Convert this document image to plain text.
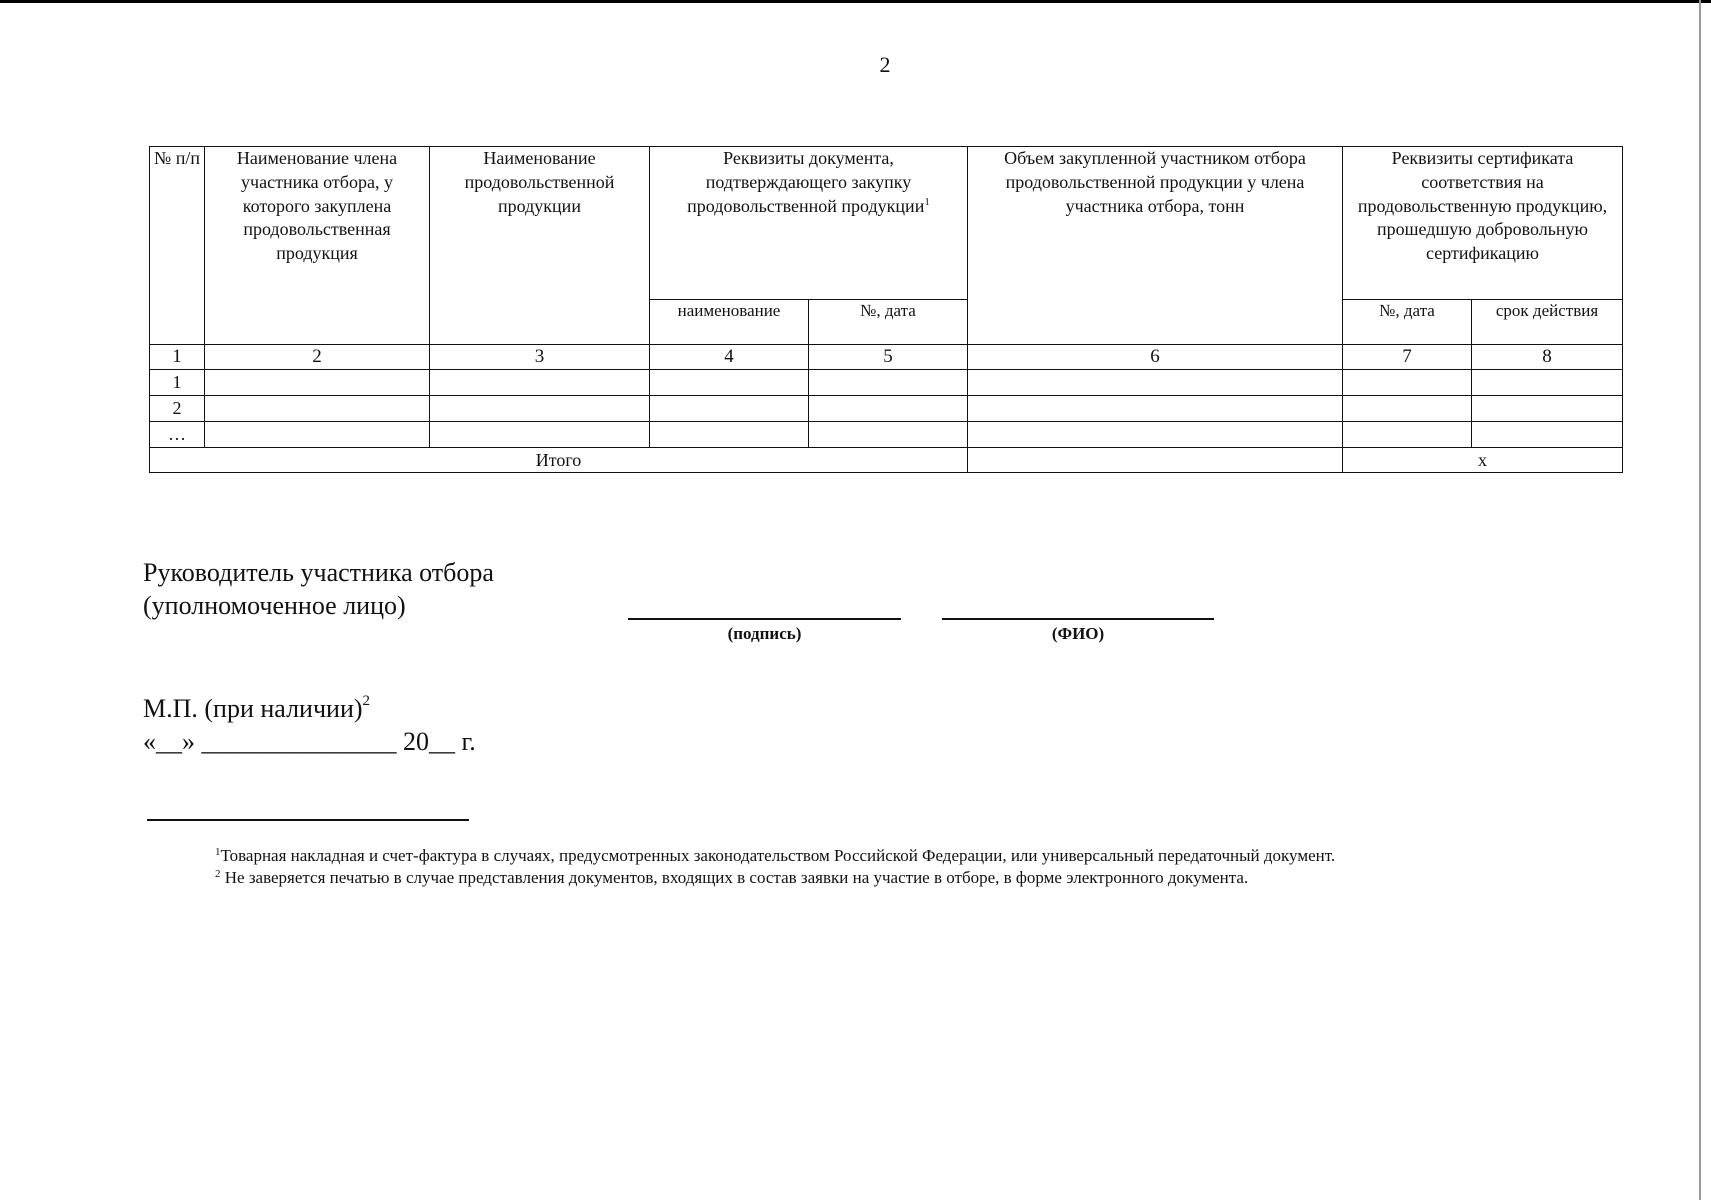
2
№ п/п	Наименование члена участника отбора, у которого закуплена продовольственная продукция	Наименование продовольственной продукции	Реквизиты документа, подтверждающего закупку продовольственной продукции$^1$		Объем закупленной участником отбора продовольственной продукции у члена участника отбора, тонн	Реквизиты сертификата соответствия на продовольственную продукцию, прошедшую добровольную сертификацию	
			наименование	№, дата		№, дата	срок действия
1	2	3	4	5	6	7	8
1							
2							
…							
Итого						x	
Руководитель участника отбора
(уполномоченное лицо)
(подпись)	(ФИО)
М.П. (при наличии)$^2$
«__» _______________ 20__ г.
$^1$Товарная накладная и счет-фактура в случаях, предусмотренных законодательством Российской Федерации, или универсальный передаточный документ.
$^2$ Не заверяется печатью в случае представления документов, входящих в состав заявки на участие в отборе, в форме электронного документа.
